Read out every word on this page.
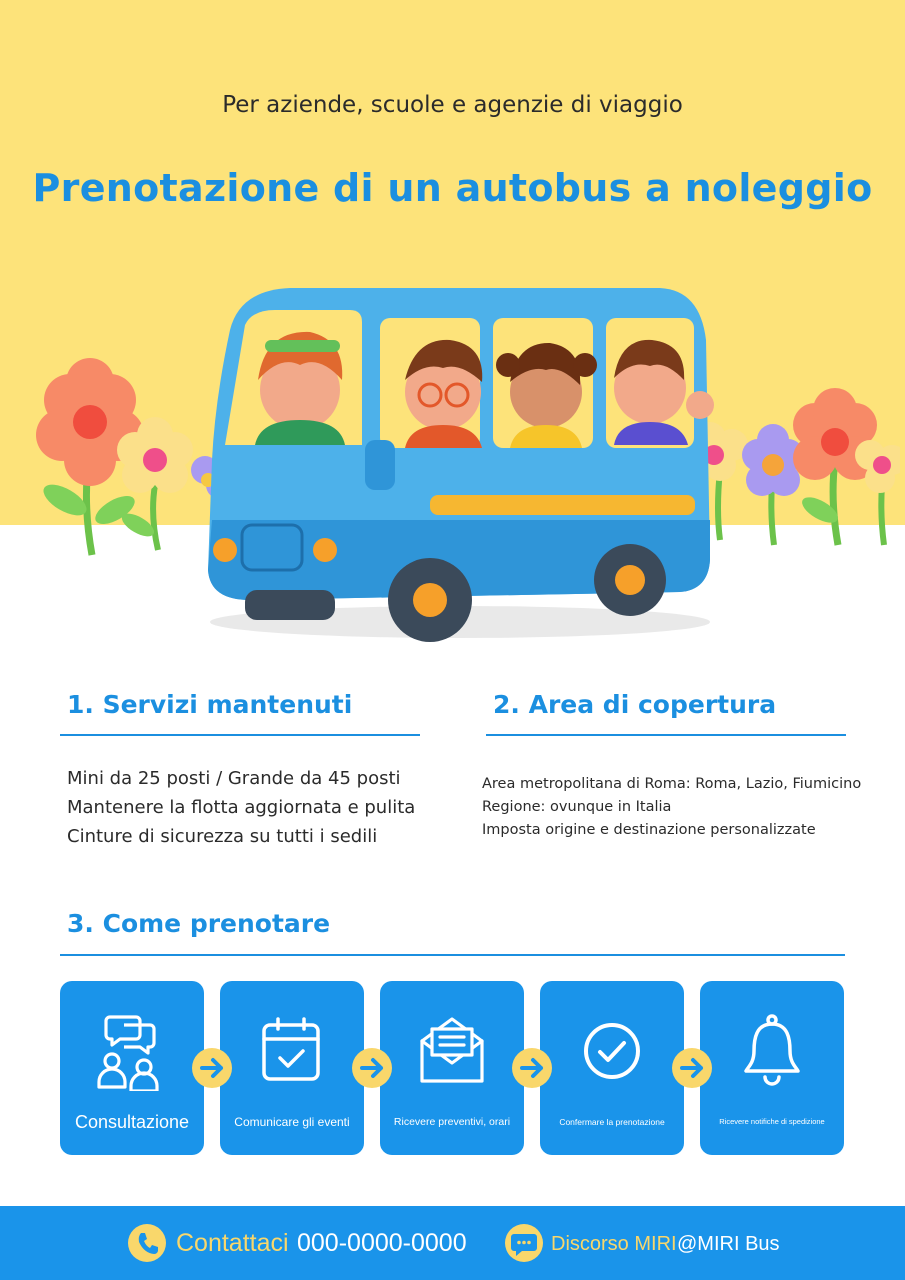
Per aziende, scuole e agenzie di viaggio
Prenotazione di un autobus a noleggio
1. Servizi mantenuti
Mini da 25 posti / Grande da 45 posti
Mantenere la flotta aggiornata e pulita
Cinture di sicurezza su tutti i sedili
2. Area di copertura
Area metropolitana di Roma: Roma, Lazio, Fiumicino
Regione: ovunque in Italia
Imposta origine e destinazione personalizzate
3. Come prenotare
Consultazione	Comunicare gli eventi	Ricevere preventivi, orari	Confermare la prenotazione	Ricevere notifiche di spedizione
Contattaci 000-0000-0000	Discorso MIRI @MIRI Bus
